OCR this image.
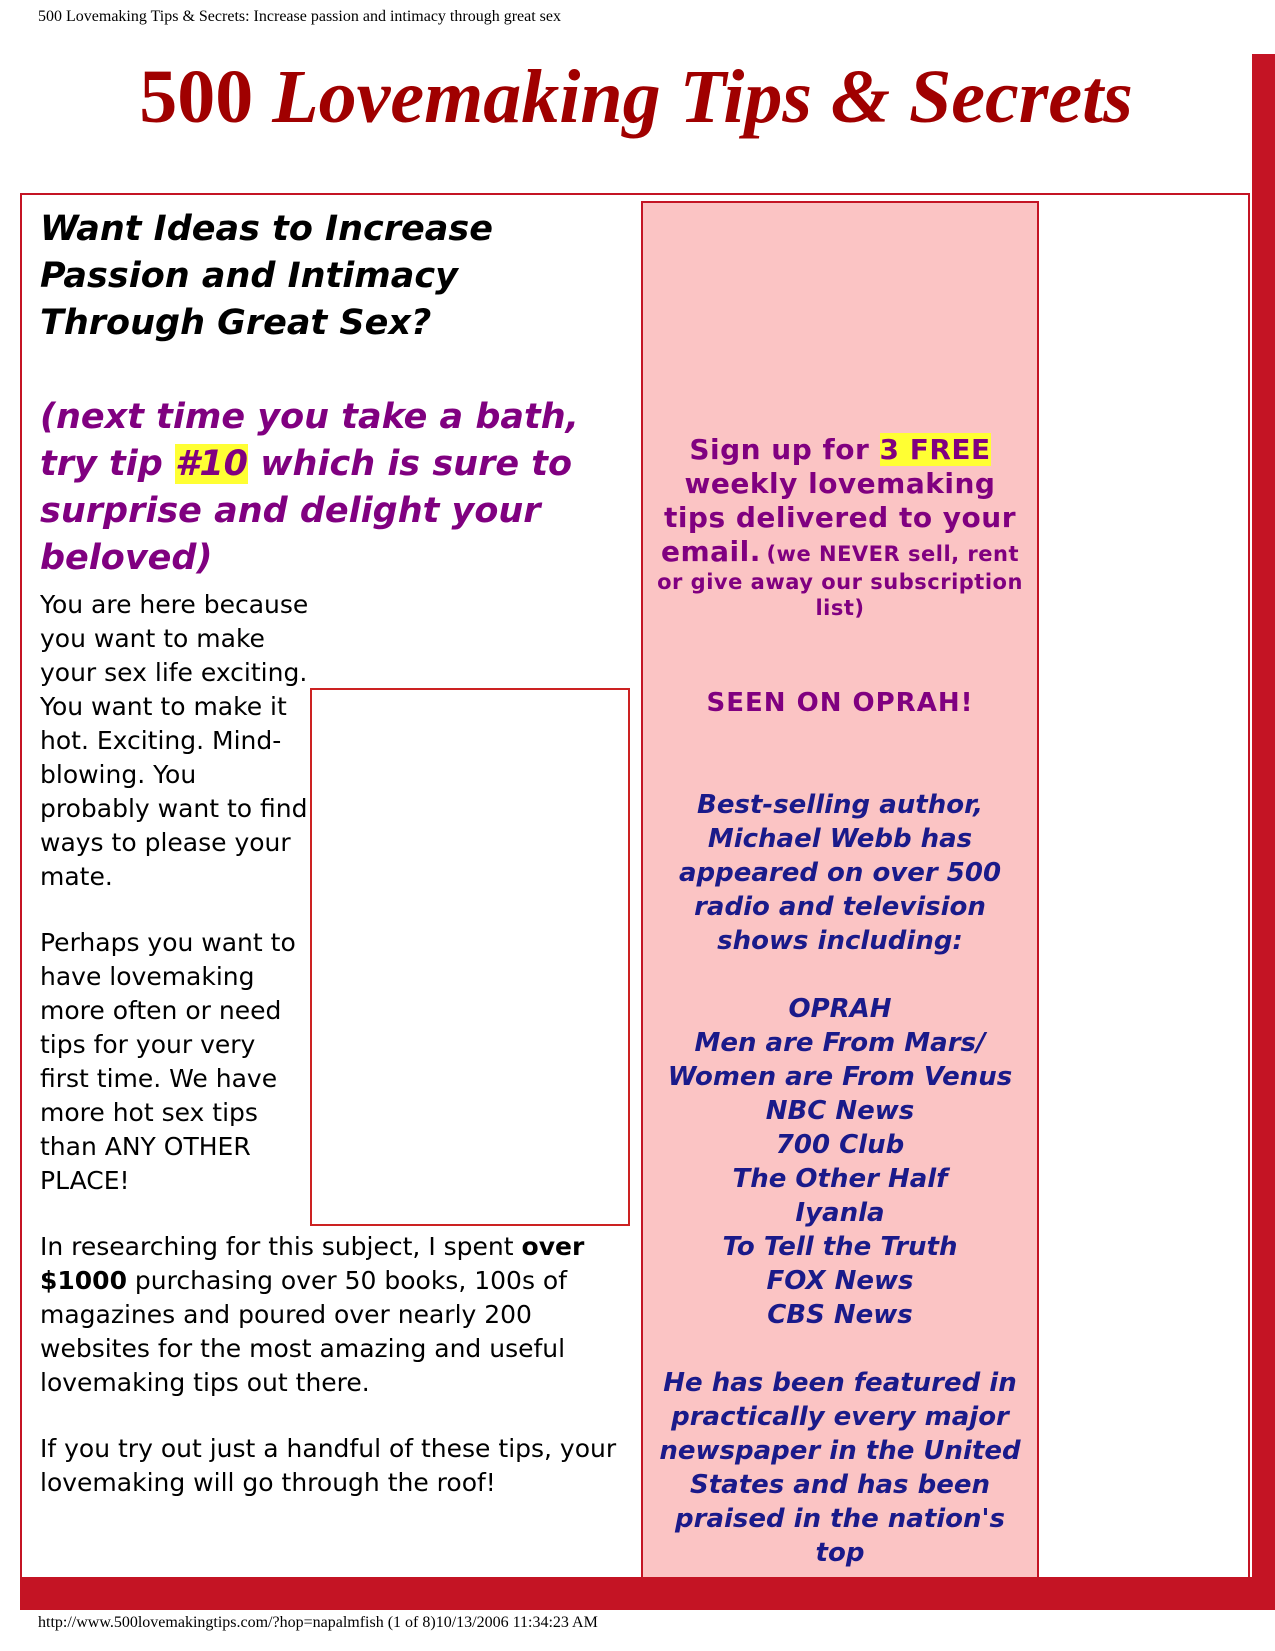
500 Lovemaking Tips & Secrets: Increase passion and intimacy through great sex

500 Lovemaking Tips & Secrets
Want Ideas to Increase Passion and Intimacy Through Great Sex?

(next time you take a bath, try tip #10 which is sure to surprise and delight your beloved)

You are here because you want to make your sex life exciting. You want to make it hot. Exciting. Mind-blowing. You probably want to find ways to please your mate.

Perhaps you want to have lovemaking more often or need tips for your very first time. We have more hot sex tips than ANY OTHER PLACE!

In researching for this subject, I spent over $1000 purchasing over 50 books, 100s of magazines and poured over nearly 200 websites for the most amazing and useful lovemaking tips out there.

If you try out just a handful of these tips, your lovemaking will go through the roof!

Sign up for 3 FREE weekly lovemaking tips delivered to your email. (we NEVER sell, rent or give away our subscription list)

SEEN ON OPRAH!

Best-selling author, Michael Webb has appeared on over 500 radio and television shows including:

OPRAH
Men are From Mars/ Women are From Venus
NBC News
700 Club
The Other Half
Iyanla
To Tell the Truth
FOX News
CBS News

He has been featured in practically every major newspaper in the United States and has been praised in the nation's top

http://www.500lovemakingtips.com/?hop=napalmfish (1 of 8)10/13/2006 11:34:23 AM
